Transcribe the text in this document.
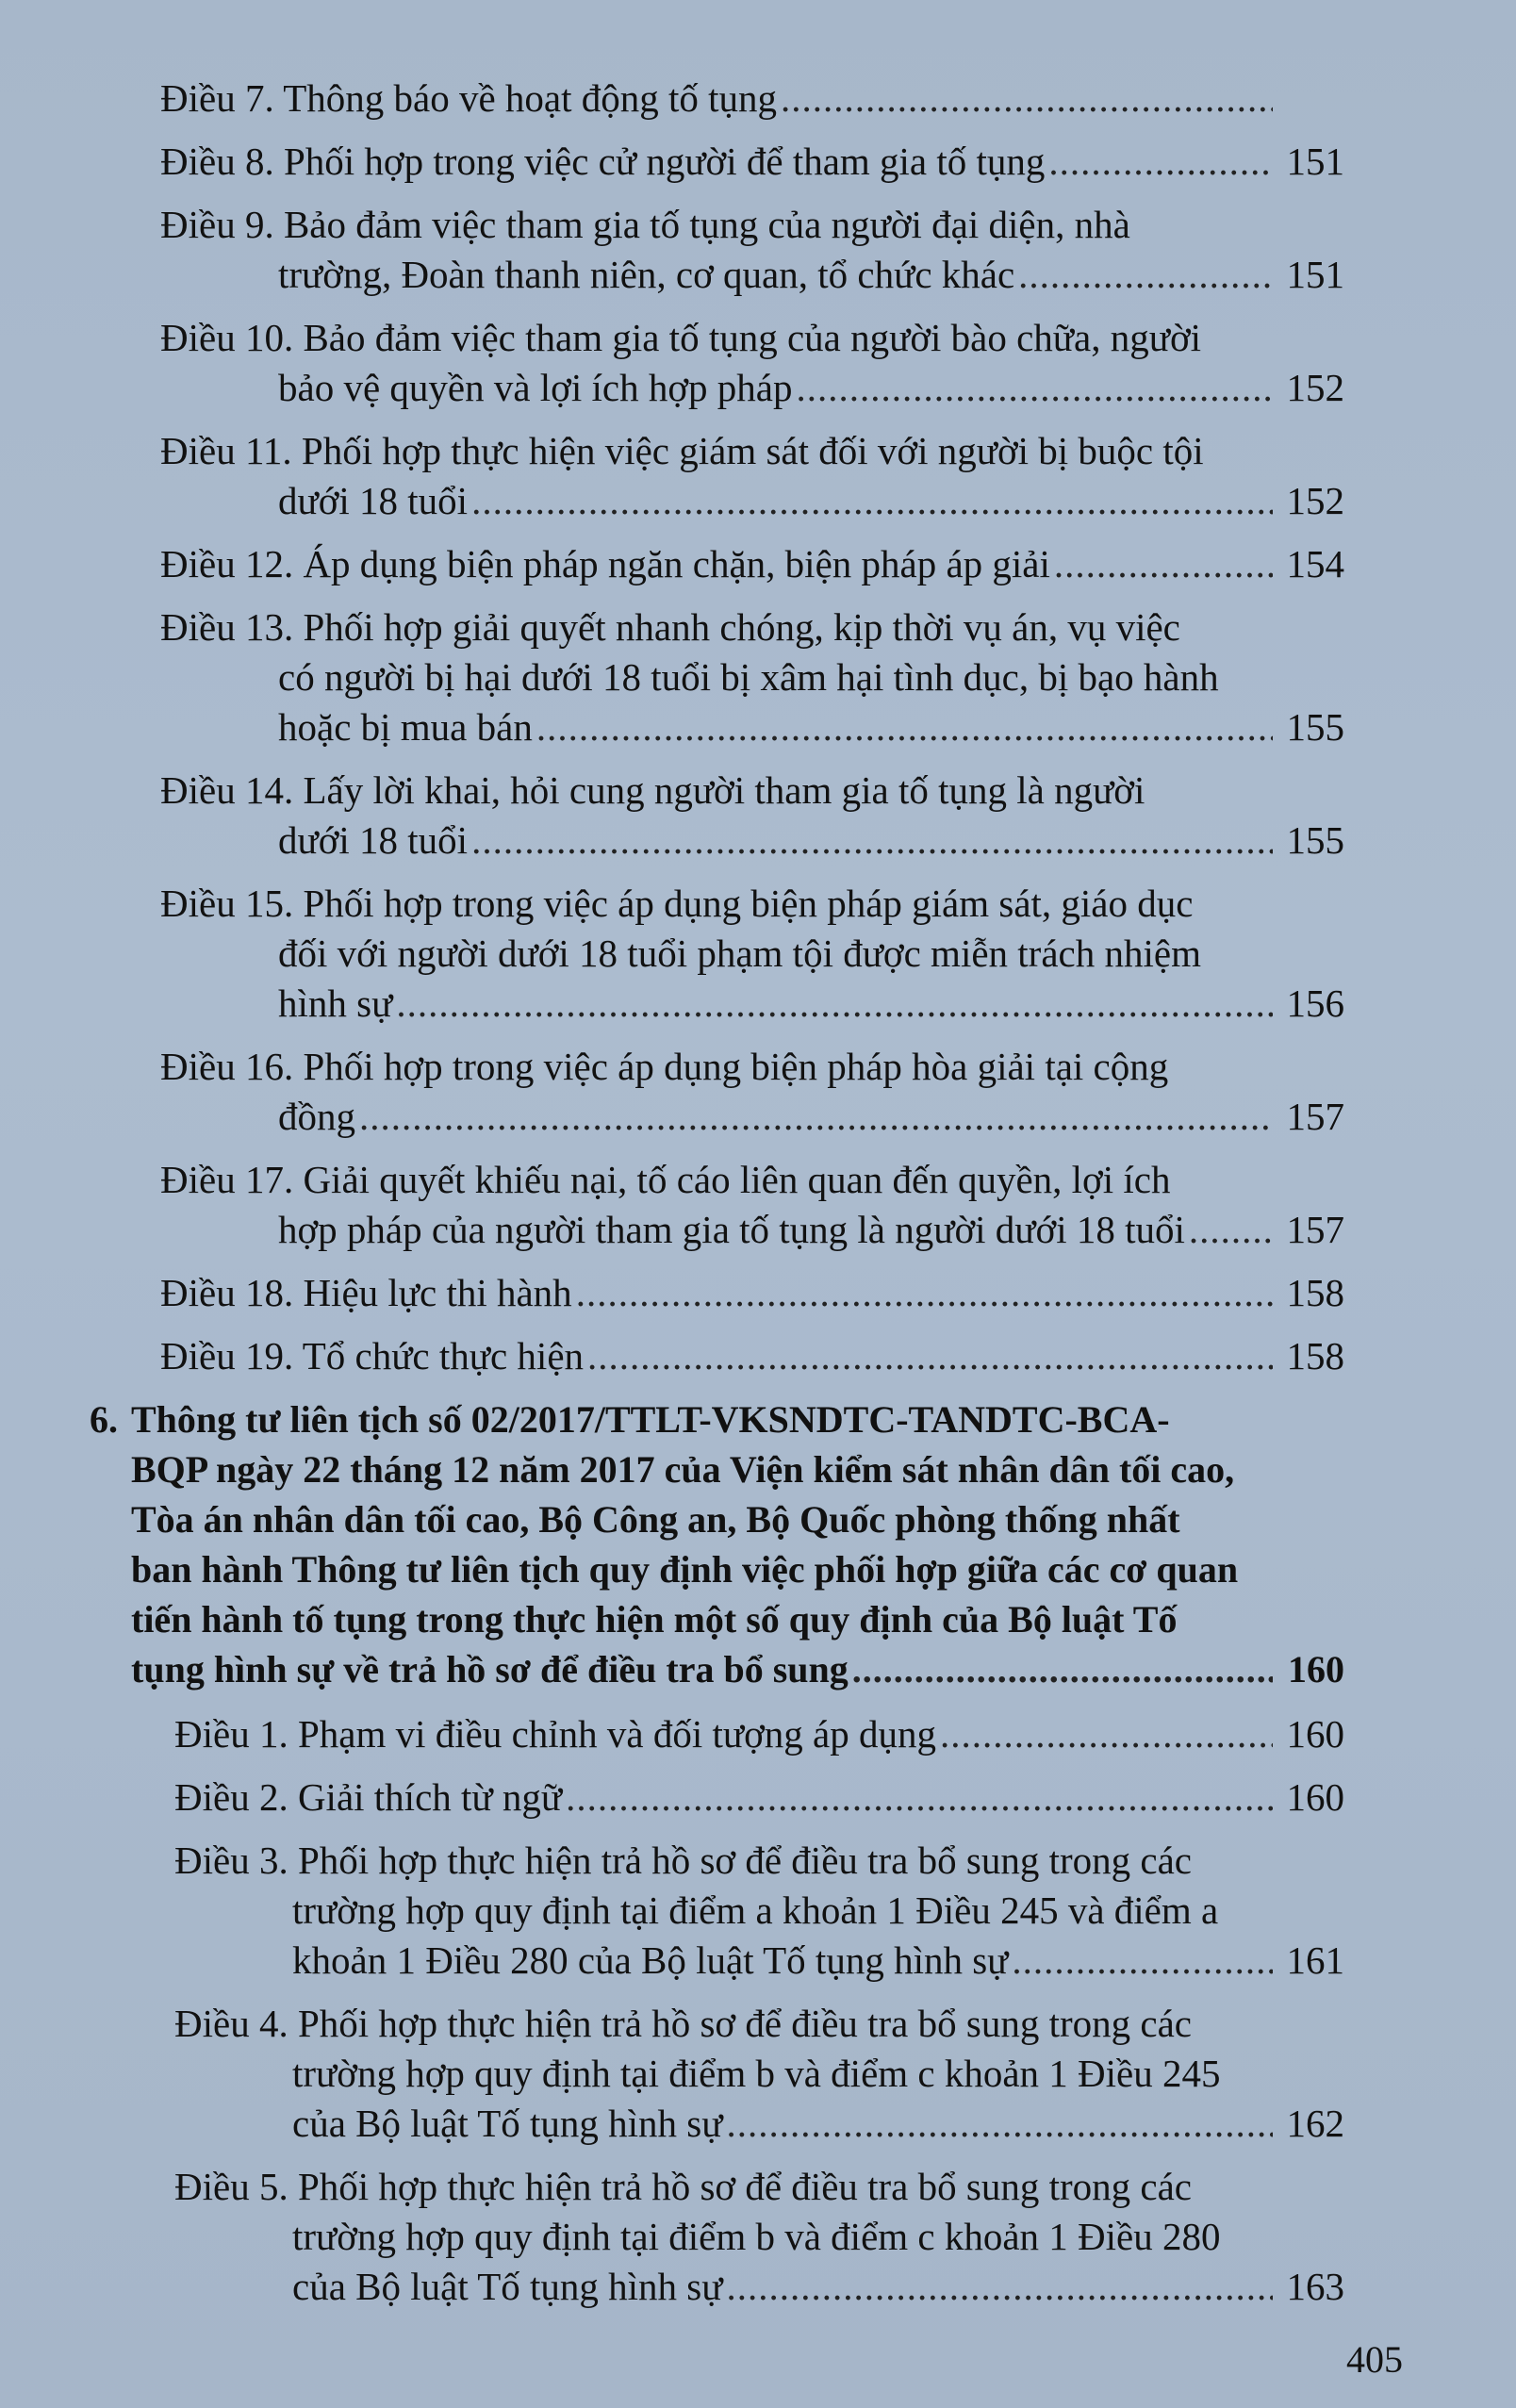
Điều 7. Thông báo về hoạt động tố tụng
.....
Điều 8. Phối hợp trong việc cử người để tham gia tố tụng .....	151
Điều 9. Bảo đảm việc tham gia tố tụng của người đại diện, nhà
trường, Đoàn thanh niên, cơ quan, tổ chức khác .....	151
Điều 10. Bảo đảm việc tham gia tố tụng của người bào chữa, người
bảo vệ quyền và lợi ích hợp pháp .....	152
Điều 11. Phối hợp thực hiện việc giám sát đối với người bị buộc tội
dưới 18 tuổi .....	152
Điều 12. Áp dụng biện pháp ngăn chặn, biện pháp áp giải .....	154
Điều 13. Phối hợp giải quyết nhanh chóng, kịp thời vụ án, vụ việc
có người bị hại dưới 18 tuổi bị xâm hại tình dục, bị bạo hành
hoặc bị mua bán .....	155
Điều 14. Lấy lời khai, hỏi cung người tham gia tố tụng là người
dưới 18 tuổi .....	155
Điều 15. Phối hợp trong việc áp dụng biện pháp giám sát, giáo dục
đối với người dưới 18 tuổi phạm tội được miễn trách nhiệm
hình sự .....	156
Điều 16. Phối hợp trong việc áp dụng biện pháp hòa giải tại cộng
đồng .....	157
Điều 17. Giải quyết khiếu nại, tố cáo liên quan đến quyền, lợi ích
hợp pháp của người tham gia tố tụng là người dưới 18 tuổi .....	157
Điều 18. Hiệu lực thi hành .....	158
Điều 19. Tổ chức thực hiện .....	158
6. Thông tư liên tịch số 02/2017/TTLT-VKSNDTC-TANDTC-BCA-
BQP ngày 22 tháng 12 năm 2017 của Viện kiểm sát nhân dân tối cao,
Tòa án nhân dân tối cao, Bộ Công an, Bộ Quốc phòng thống nhất
ban hành Thông tư liên tịch quy định việc phối hợp giữa các cơ quan
tiến hành tố tụng trong thực hiện một số quy định của Bộ luật Tố
tụng hình sự về trả hồ sơ để điều tra bổ sung .....	160
Điều 1. Phạm vi điều chỉnh và đối tượng áp dụng .....	160
Điều 2. Giải thích từ ngữ .....	160
Điều 3. Phối hợp thực hiện trả hồ sơ để điều tra bổ sung trong các
trường hợp quy định tại điểm a khoản 1 Điều 245 và điểm a
khoản 1 Điều 280 của Bộ luật Tố tụng hình sự .....	161
Điều 4. Phối hợp thực hiện trả hồ sơ để điều tra bổ sung trong các
trường hợp quy định tại điểm b và điểm c khoản 1 Điều 245
của Bộ luật Tố tụng hình sự .....	162
Điều 5. Phối hợp thực hiện trả hồ sơ để điều tra bổ sung trong các
trường hợp quy định tại điểm b và điểm c khoản 1 Điều 280
của Bộ luật Tố tụng hình sự .....	163
405
